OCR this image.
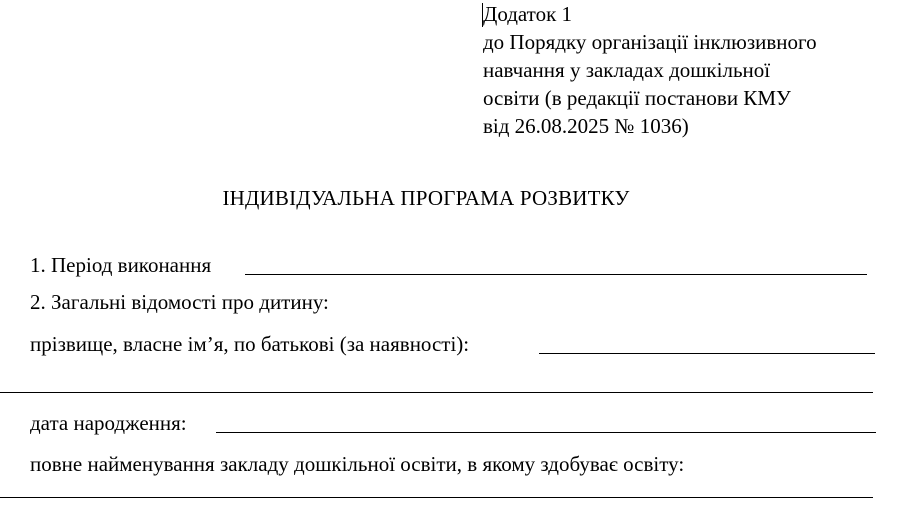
Додаток 1
до Порядку організації інклюзивного
навчання у закладах дошкільної
освіти (в редакції постанови КМУ
від 26.08.2025 № 1036)
ІНДИВІДУАЛЬНА ПРОГРАМА РОЗВИТКУ
1. Період виконання
2. Загальні відомості про дитину:
прізвище, власне ім’я, по батькові (за наявності):
дата народження:
повне найменування закладу дошкільної освіти, в якому здобуває освіту:
